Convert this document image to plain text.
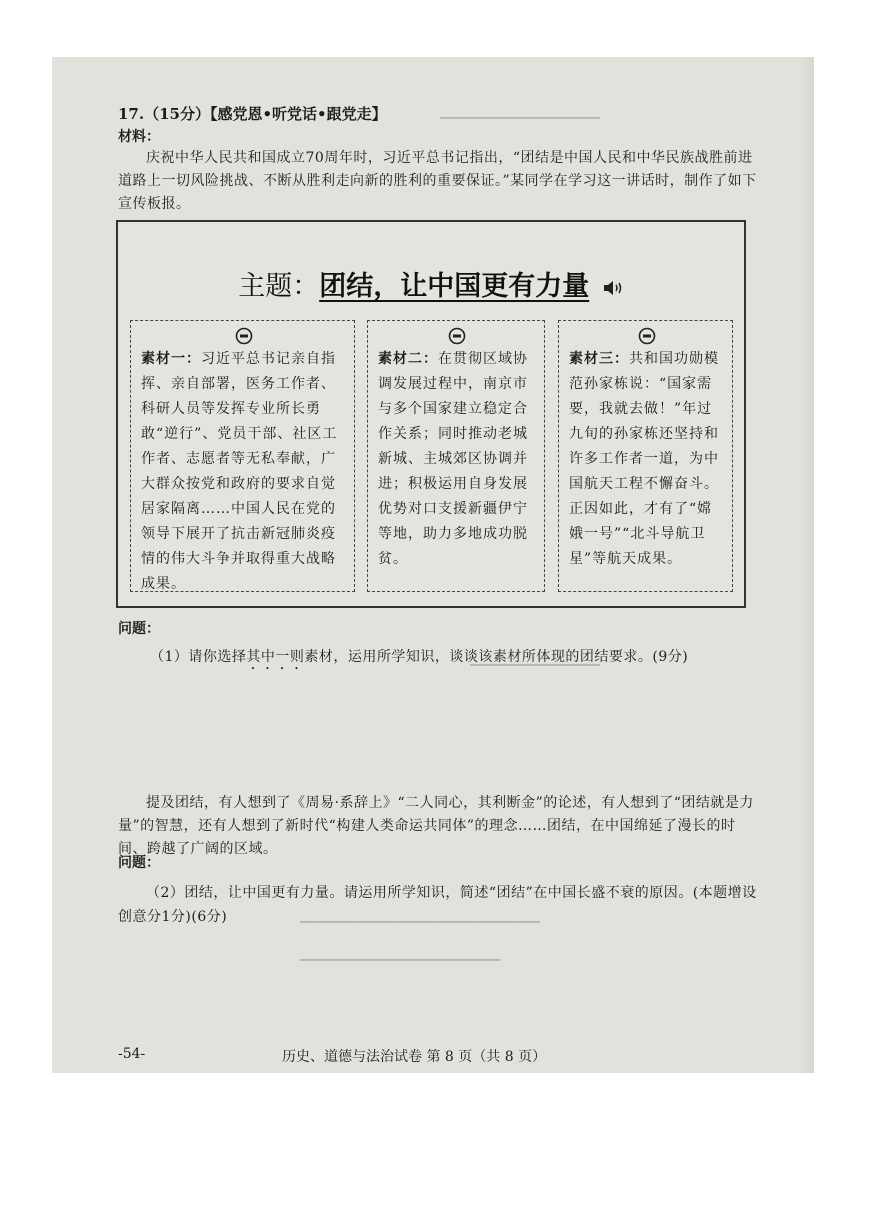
▔▔▔▔▔▔▔▔▔▔▔▔▔▔▔▔
▔▔▔▔▔▔▔▔▔▔▔▔▔
▔▔▔▔▔▔▔▔▔▔▔▔▔▔▔▔▔▔▔▔▔▔▔▔
▔▔▔▔▔▔▔▔▔▔▔▔▔▔▔▔▔▔▔▔
17.（15分）【感党恩•听党话•跟党走】
材料：
庆祝中华人民共和国成立70周年时，习近平总书记指出，“团结是中国人民和中华民族战胜前进道路上一切风险挑战、不断从胜利走向新的胜利的重要保证。”某同学在学习这一讲话时，制作了如下宣传板报。
主题：团结，让中国更有力量
素材一：习近平总书记亲自指挥、亲自部署，医务工作者、科研人员等发挥专业所长勇敢“逆行”、党员干部、社区工作者、志愿者等无私奉献，广大群众按党和政府的要求自觉居家隔离……中国人民在党的领导下展开了抗击新冠肺炎疫情的伟大斗争并取得重大战略成果。
素材二：在贯彻区域协调发展过程中，南京市与多个国家建立稳定合作关系；同时推动老城新城、主城郊区协调并进；积极运用自身发展优势对口支援新疆伊宁等地，助力多地成功脱贫。
素材三：共和国功勋模范孙家栋说：“国家需要，我就去做！”年过九旬的孙家栋还坚持和许多工作者一道，为中国航天工程不懈奋斗。正因如此，才有了“嫦娥一号”“北斗导航卫星”等航天成果。
问题：
（1）请你选择其中一则素材，运用所学知识，谈谈该素材所体现的团结要求。(9分)
提及团结，有人想到了《周易·系辞上》“二人同心，其利断金”的论述，有人想到了“团结就是力量”的智慧，还有人想到了新时代“构建人类命运共同体”的理念……团结，在中国绵延了漫长的时间、跨越了广阔的区域。
问题：
（2）团结，让中国更有力量。请运用所学知识，简述“团结”在中国长盛不衰的原因。(本题增设创意分1分)(6分)
-54-	历史、道德与法治试卷 第 8 页（共 8 页）
